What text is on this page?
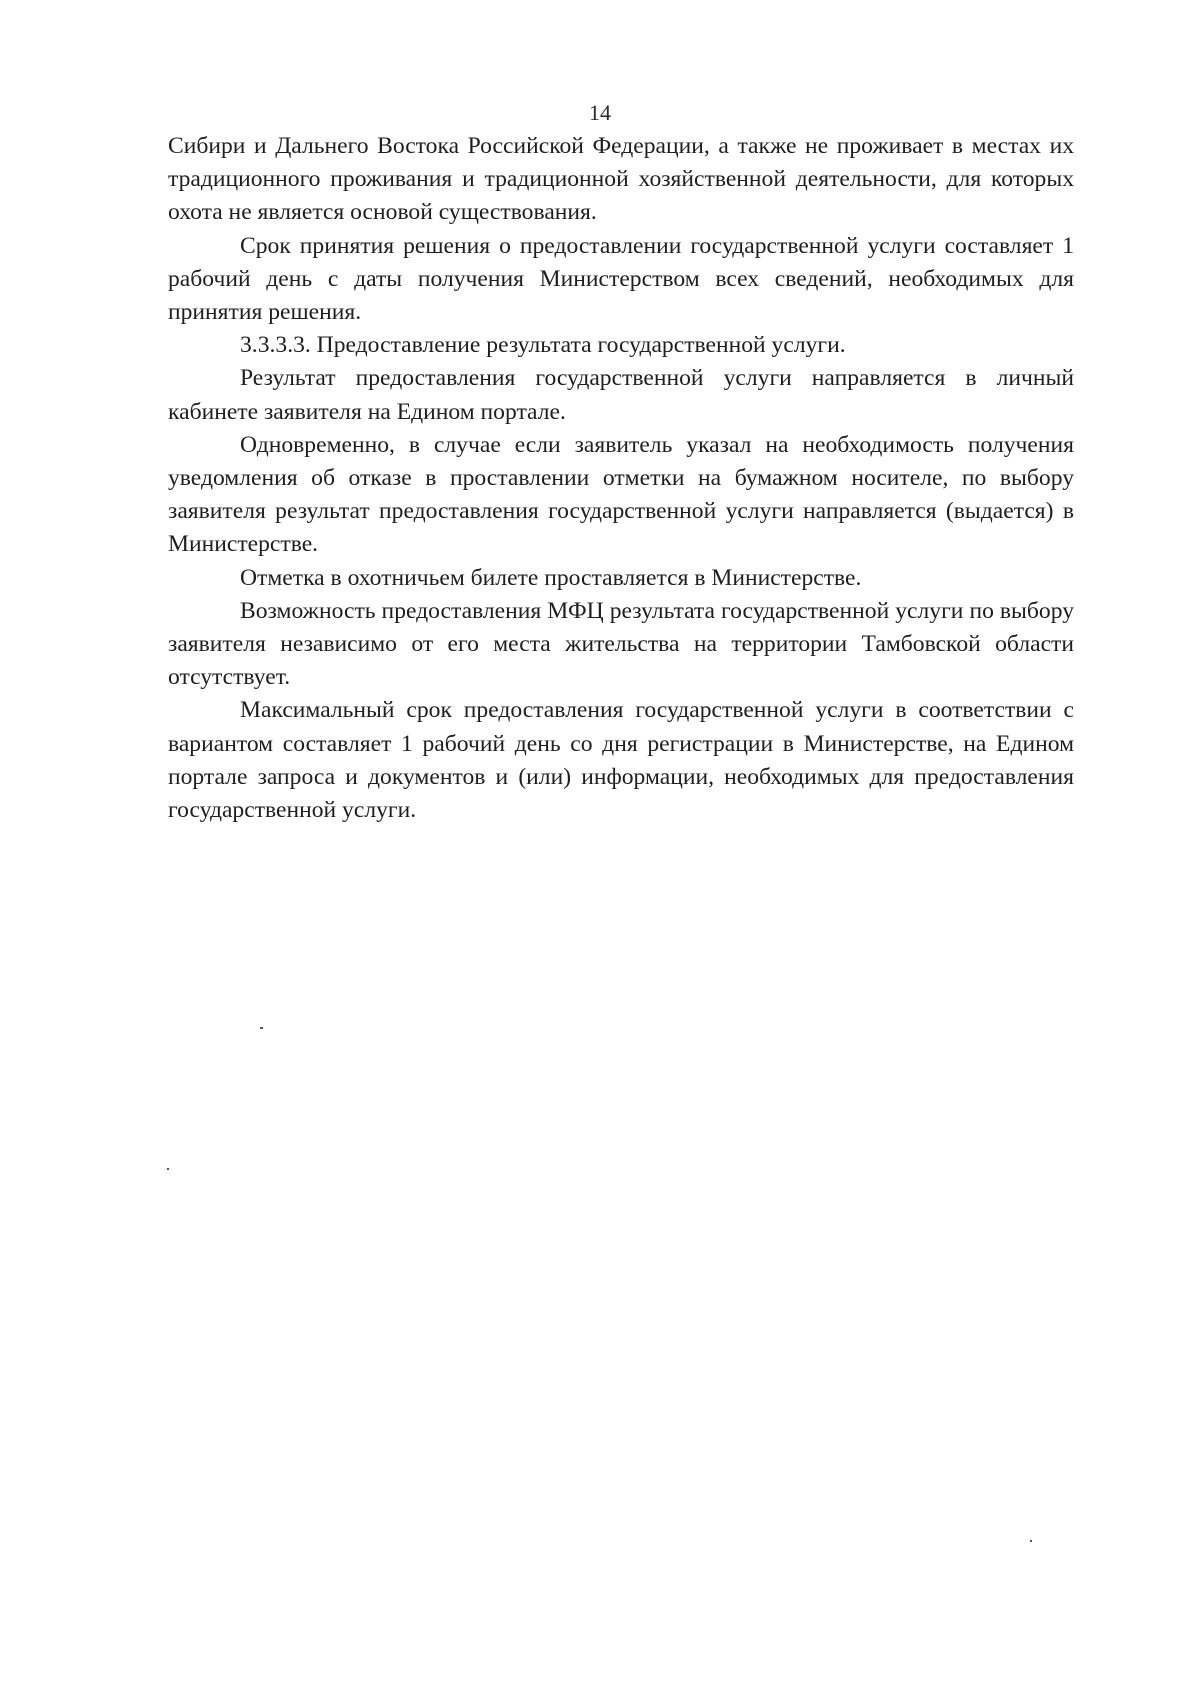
14

Сибири и Дальнего Востока Российской Федерации, а также не проживает в местах их традиционного проживания и традиционной хозяйственной деятельности, для которых охота не является основой существования.

Срок принятия решения о предоставлении государственной услуги составляет 1 рабочий день с даты получения Министерством всех сведений, необходимых для принятия решения.

3.3.3.3. Предоставление результата государственной услуги.

Результат предоставления государственной услуги направляется в личный кабинете заявителя на Едином портале.

Одновременно, в случае если заявитель указал на необходимость получения уведомления об отказе в проставлении отметки на бумажном носителе, по выбору заявителя результат предоставления государственной услуги направляется (выдается) в Министерстве.

Отметка в охотничьем билете проставляется в Министерстве.

Возможность предоставления МФЦ результата государственной услуги по выбору заявителя независимо от его места жительства на территории Тамбовской области отсутствует.

Максимальный срок предоставления государственной услуги в соответствии с вариантом составляет 1 рабочий день со дня регистрации в Министерстве, на Едином портале запроса и документов и (или) информации, необходимых для предоставления государственной услуги.
